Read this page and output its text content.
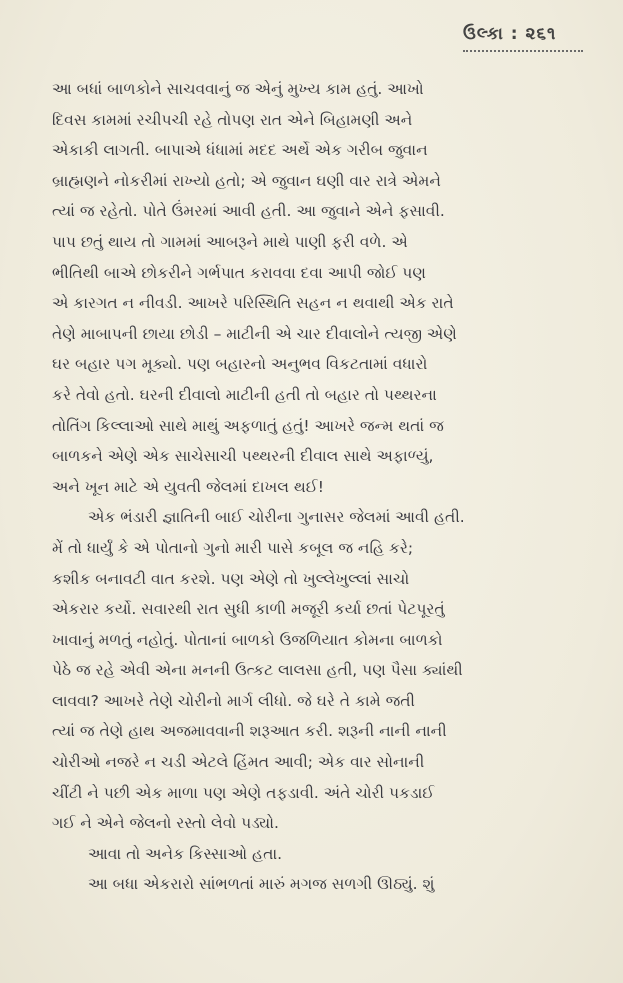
ઉલ્કા : ૨૬૧

આ બધાં બાળકોને સાચવવાનું જ એનું મુખ્ય કામ હતું. આખો
દિવસ કામમાં રચીપચી રહે તોપણ રાત એને બિહામણી અને
એકાકી લાગતી. બાપાએ ધંધામાં મદદ અર્થે એક ગરીબ જુવાન
બ્રાહ્મણને નોકરીમાં રાખ્યો હતો; એ જુવાન ઘણી વાર રાત્રે એમને
ત્યાં જ રહેતો. પોતે ઉંમરમાં આવી હતી. આ જુવાને એને ફસાવી.
પાપ છતું થાય તો ગામમાં આબરૂને માથે પાણી ફરી વળે. એ
ભીતિથી બાએ છોકરીને ગર્ભપાત કરાવવા દવા આપી જોઈ પણ
એ કારગત ન નીવડી. આખરે પરિસ્થિતિ સહન ન થવાથી એક રાતે
તેણે માબાપની છાયા છોડી – માટીની એ ચાર દીવાલોને ત્યજી એણે
ઘર બહાર પગ મૂક્યો. પણ બહારનો અનુભવ વિકટતામાં વધારો
કરે તેવો હતો. ઘરની દીવાલો માટીની હતી તો બહાર તો પથ્થરના
તોતિંગ કિલ્લાઓ સાથે માથું અફળાતું હતું! આખરે જન્મ થતાં જ
બાળકને એણે એક સાચેસાચી પથ્થરની દીવાલ સાથે અફાળ્યું,
અને ખૂન માટે એ યુવતી જેલમાં દાખલ થઈ!

એક ભંડારી જ્ઞાતિની બાઈ ચોરીના ગુનાસર જેલમાં આવી હતી.
મેં તો ધાર્યું કે એ પોતાનો ગુનો મારી પાસે કબૂલ જ નહિ કરે;
કશીક બનાવટી વાત કરશે. પણ એણે તો ખુલ્લેખુલ્લાં સાચો
એકરાર કર્યો. સવારથી રાત સુધી કાળી મજૂરી કર્યા છતાં પેટપૂરતું
ખાવાનું મળતું નહોતું. પોતાનાં બાળકો ઉજળિયાત કોમના બાળકો
પેઠે જ રહે એવી એના મનની ઉત્કટ લાલસા હતી, પણ પૈસા ક્યાંથી
લાવવા? આખરે તેણે ચોરીનો માર્ગ લીધો. જે ઘરે તે કામે જતી
ત્યાં જ તેણે હાથ અજમાવવાની શરૂઆત કરી. શરૂની નાની નાની
ચોરીઓ નજરે ન ચડી એટલે હિંમત આવી; એક વાર સોનાની
ચીંટી ને પછી એક માળા પણ એણે તફડાવી. અંતે ચોરી પકડાઈ
ગઈ ને એને જેલનો રસ્તો લેવો પડ્યો.

આવા તો અનેક કિસ્સાઓ હતા.

આ બધા એકરારો સાંભળતાં મારું મગજ સળગી ઊઠ્યું. શું
